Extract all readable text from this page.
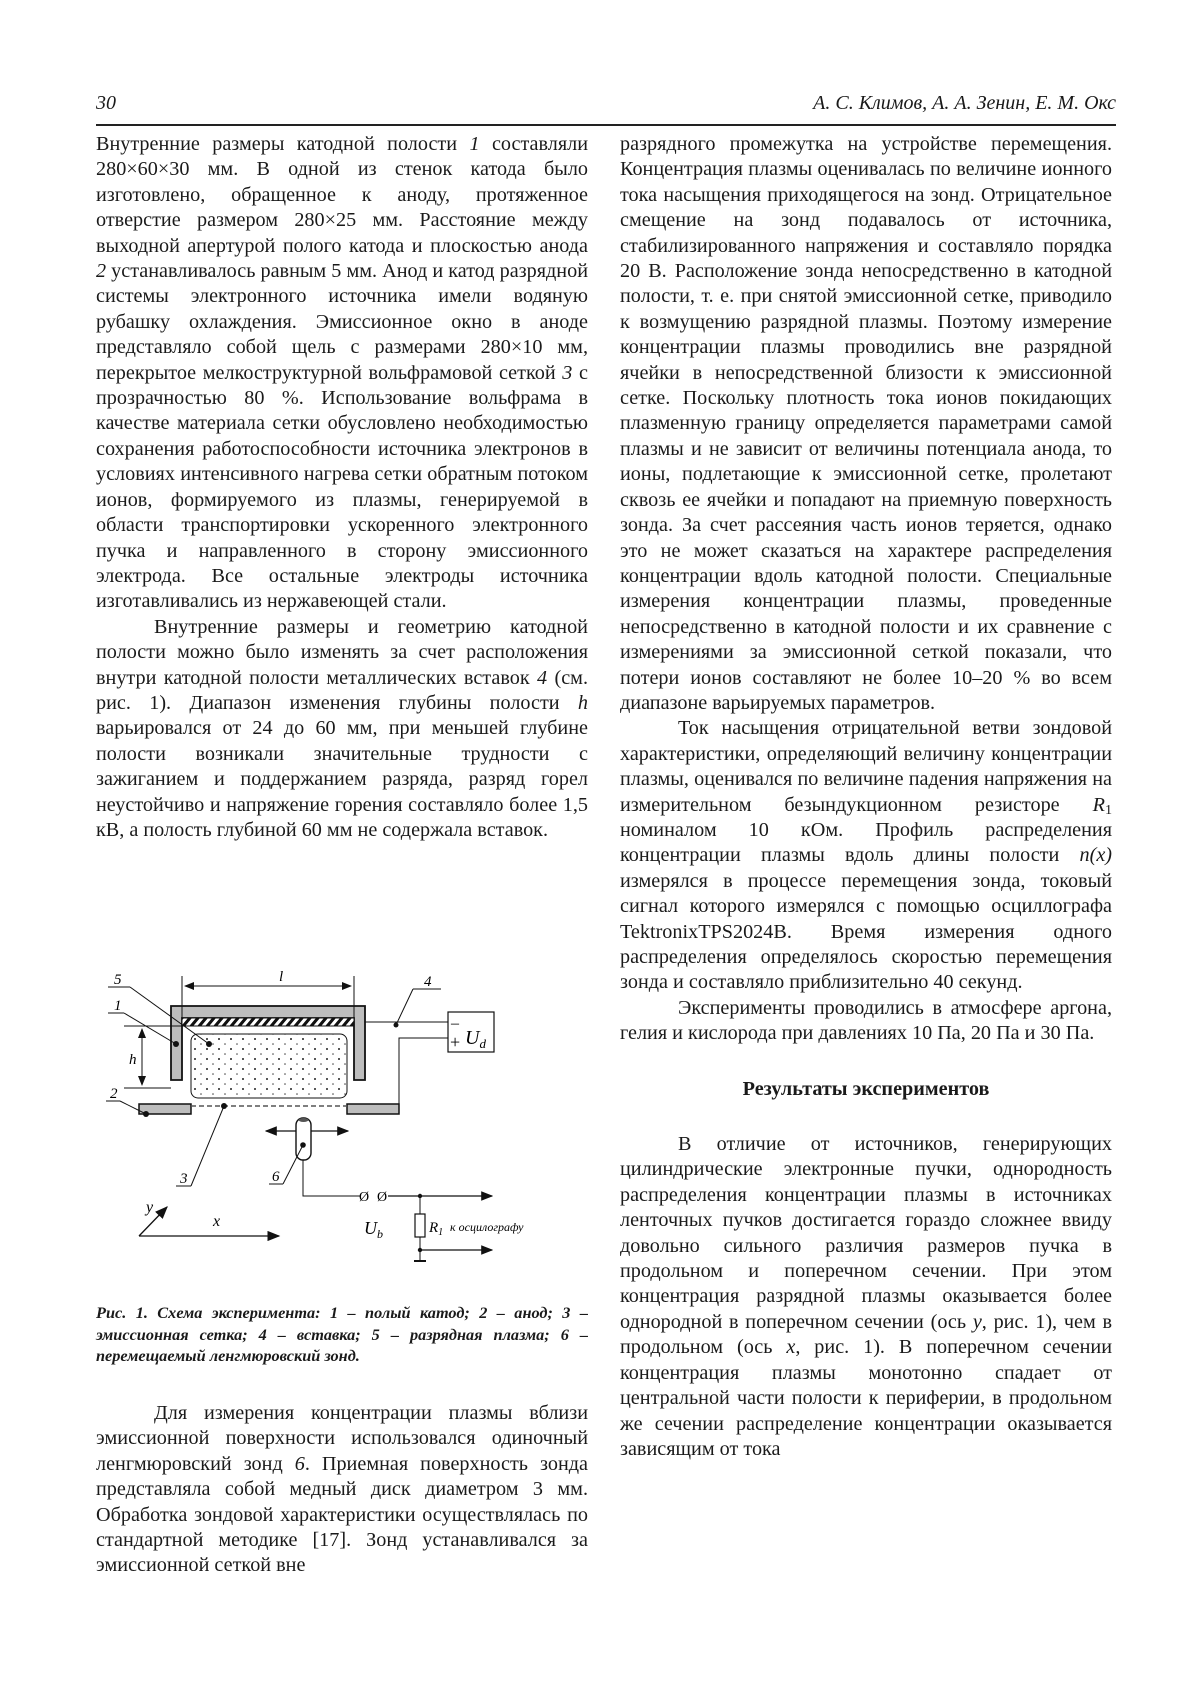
30	А. С. Климов, А. А. Зенин, Е. М. Окс

Внутренние размеры катодной полости 1 составляли 280×60×30 мм. В одной из стенок катода было изготовлено, обращенное к аноду, протяженное отверстие размером 280×25 мм. Расстояние между выходной апертурой полого катода и плоскостью анода 2 устанавливалось равным 5 мм. Анод и катод разрядной системы электронного источника имели водяную рубашку охлаждения. Эмиссионное окно в аноде представляло собой щель с размерами 280×10 мм, перекрытое мелкоструктурной вольфрамовой сеткой 3 с прозрачностью 80 %. Использование вольфрама в качестве материала сетки обусловлено необходимостью сохранения работоспособности источника электронов в условиях интенсивного нагрева сетки обратным потоком ионов, формируемого из плазмы, генерируемой в области транспортировки ускоренного электронного пучка и направленного в сторону эмиссионного электрода. Все остальные электроды источника изготавливались из нержавеющей стали.

Внутренние размеры и геометрию катодной полости можно было изменять за счет расположения внутри катодной полости металлических вставок 4 (см. рис. 1). Диапазон изменения глубины полости h варьировался от 24 до 60 мм, при меньшей глубине полости возникали значительные трудности с зажиганием и поддержанием разряда, разряд горел неустойчиво и напряжение горения составляло более 1,5 кВ, а полость глубиной 60 мм не содержала вставок.

l
h
5
1
2
4
3	6
Ø Ø
$U_b$	$R_1$ к осцилографу
–
+ $U_d$
x
y
Рис. 1. Схема эксперимента: 1 – полый катод; 2 – анод; 3 – эмиссионная сетка; 4 – вставка; 5 – разрядная плазма; 6 – перемещаемый ленгмюровский зонд.

Для измерения концентрации плазмы вблизи эмиссионной поверхности использовался одиночный ленгмюровский зонд 6. Приемная поверхность зонда представляла собой медный диск диаметром 3 мм. Обработка зондовой характеристики осуществлялась по стандартной методике [17]. Зонд устанавливался за эмиссионной сеткой вне

разрядного промежутка на устройстве перемещения. Концентрация плазмы оценивалась по величине ионного тока насыщения приходящегося на зонд. Отрицательное смещение на зонд подавалось от источника, стабилизированного напряжения и составляло порядка 20 В. Расположение зонда непосредственно в катодной полости, т. е. при снятой эмиссионной сетке, приводило к возмущению разрядной плазмы. Поэтому измерение концентрации плазмы проводились вне разрядной ячейки в непосредственной близости к эмиссионной сетке. Поскольку плотность тока ионов покидающих плазменную границу определяется параметрами самой плазмы и не зависит от величины потенциала анода, то ионы, подлетающие к эмиссионной сетке, пролетают сквозь ее ячейки и попадают на приемную поверхность зонда. За счет рассеяния часть ионов теряется, однако это не может сказаться на характере распределения концентрации вдоль катодной полости. Специальные измерения концентрации плазмы, проведенные непосредственно в катодной полости и их сравнение с измерениями за эмиссионной сеткой показали, что потери ионов составляют не более 10–20 % во всем диапазоне варьируемых параметров.

Ток насыщения отрицательной ветви зондовой характеристики, определяющий величину концентрации плазмы, оценивался по величине падения напряжения на измерительном безындукционном резисторе $R_1$ номиналом 10 кОм. Профиль распределения концентрации плазмы вдоль длины полости n(x) измерялся в процессе перемещения зонда, токовый сигнал которого измерялся с помощью осциллографа TektronixTPS2024B. Время измерения одного распределения определялось скоростью перемещения зонда и составляло приблизительно 40 секунд.

Эксперименты проводились в атмосфере аргона, гелия и кислорода при давлениях 10 Па, 20 Па и 30 Па.

Результаты экспериментов

В отличие от источников, генерирующих цилиндрические электронные пучки, однородность распределения концентрации плазмы в источниках ленточных пучков достигается гораздо сложнее ввиду довольно сильного различия размеров пучка в продольном и поперечном сечении. При этом концентрация разрядной плазмы оказывается более однородной в поперечном сечении (ось y, рис. 1), чем в продольном (ось x, рис. 1). В поперечном сечении концентрация плазмы монотонно спадает от центральной части полости к периферии, в продольном же сечении распределение концентрации оказывается зависящим от тока
